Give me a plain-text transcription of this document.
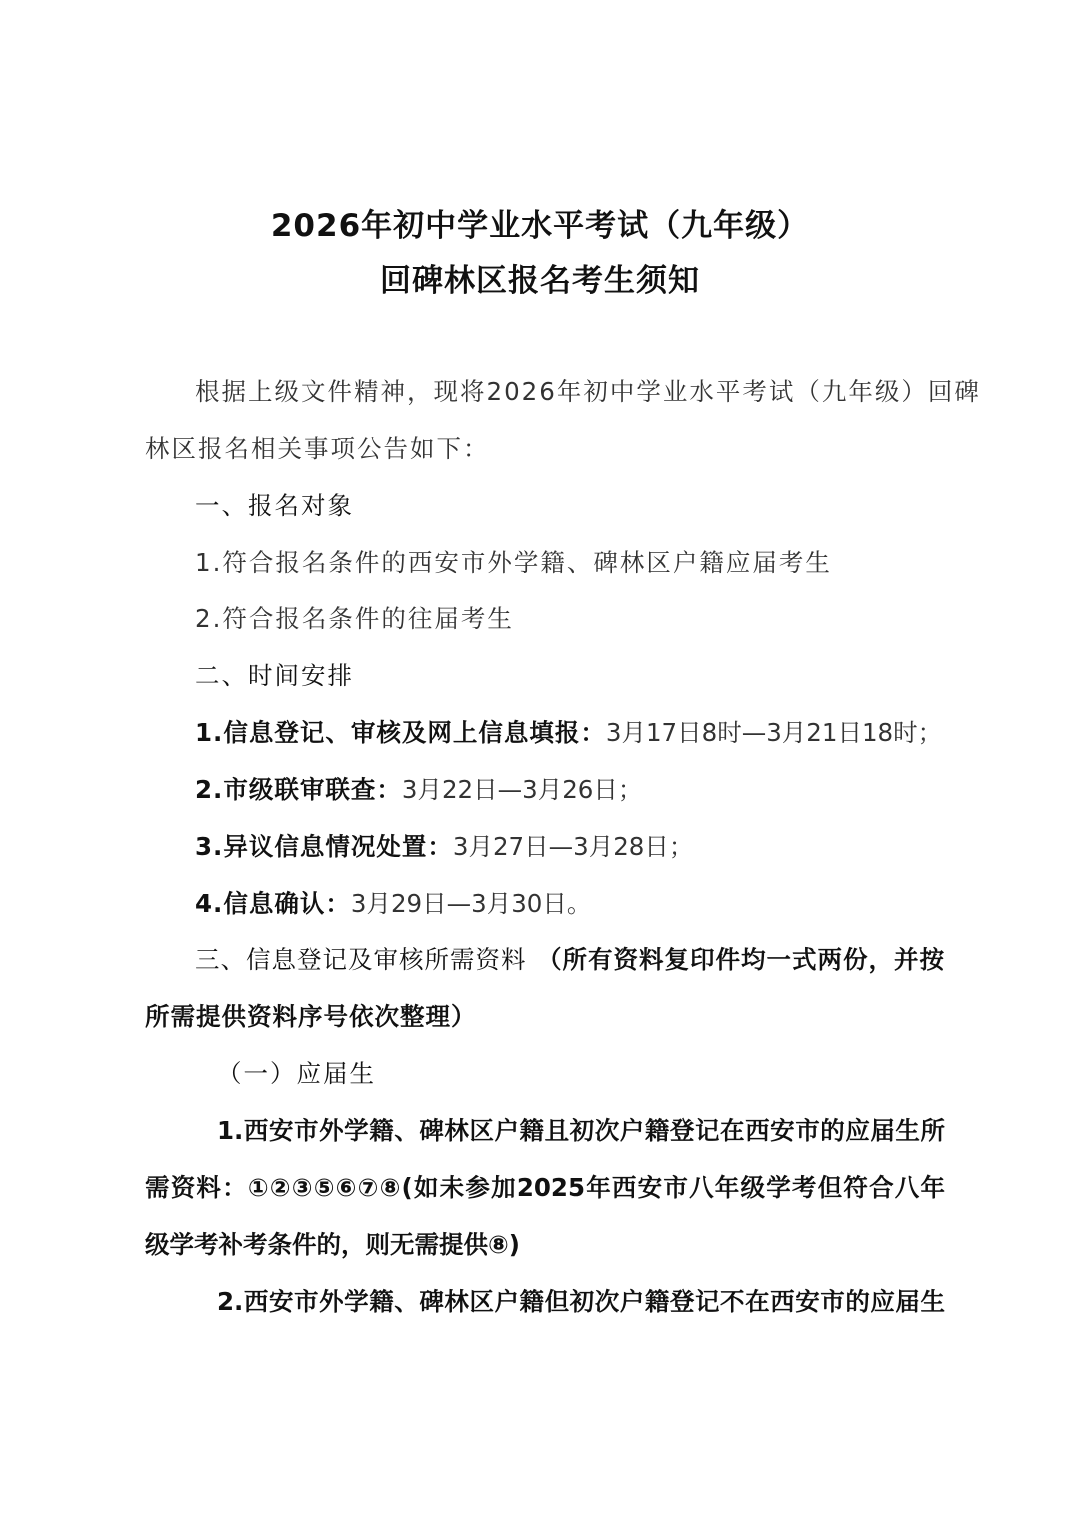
2026年初中学业水平考试（九年级）
回碑林区报名考生须知
根据上级文件精神，现将2026年初中学业水平考试（九年级）回碑
林区报名相关事项公告如下：
一、报名对象
1.符合报名条件的西安市外学籍、碑林区户籍应届考生
2.符合报名条件的往届考生
二、时间安排
1.信息登记、审核及网上信息填报：3月17日8时—3月21日18时；
2.市级联审联查：3月22日—3月26日；
3.异议信息情况处置：3月27日—3月28日；
4.信息确认：3月29日—3月30日。
三、信息登记及审核所需资料 （所有资料复印件均一式两份，并按
所需提供资料序号依次整理）
（一）应届生
1.西安市外学籍、碑林区户籍且初次户籍登记在西安市的应届生所
需资料：①②③⑤⑥⑦⑧(如未参加2025年西安市八年级学考但符合八年
级学考补考条件的，则无需提供⑧)
2.西安市外学籍、碑林区户籍但初次户籍登记不在西安市的应届生
